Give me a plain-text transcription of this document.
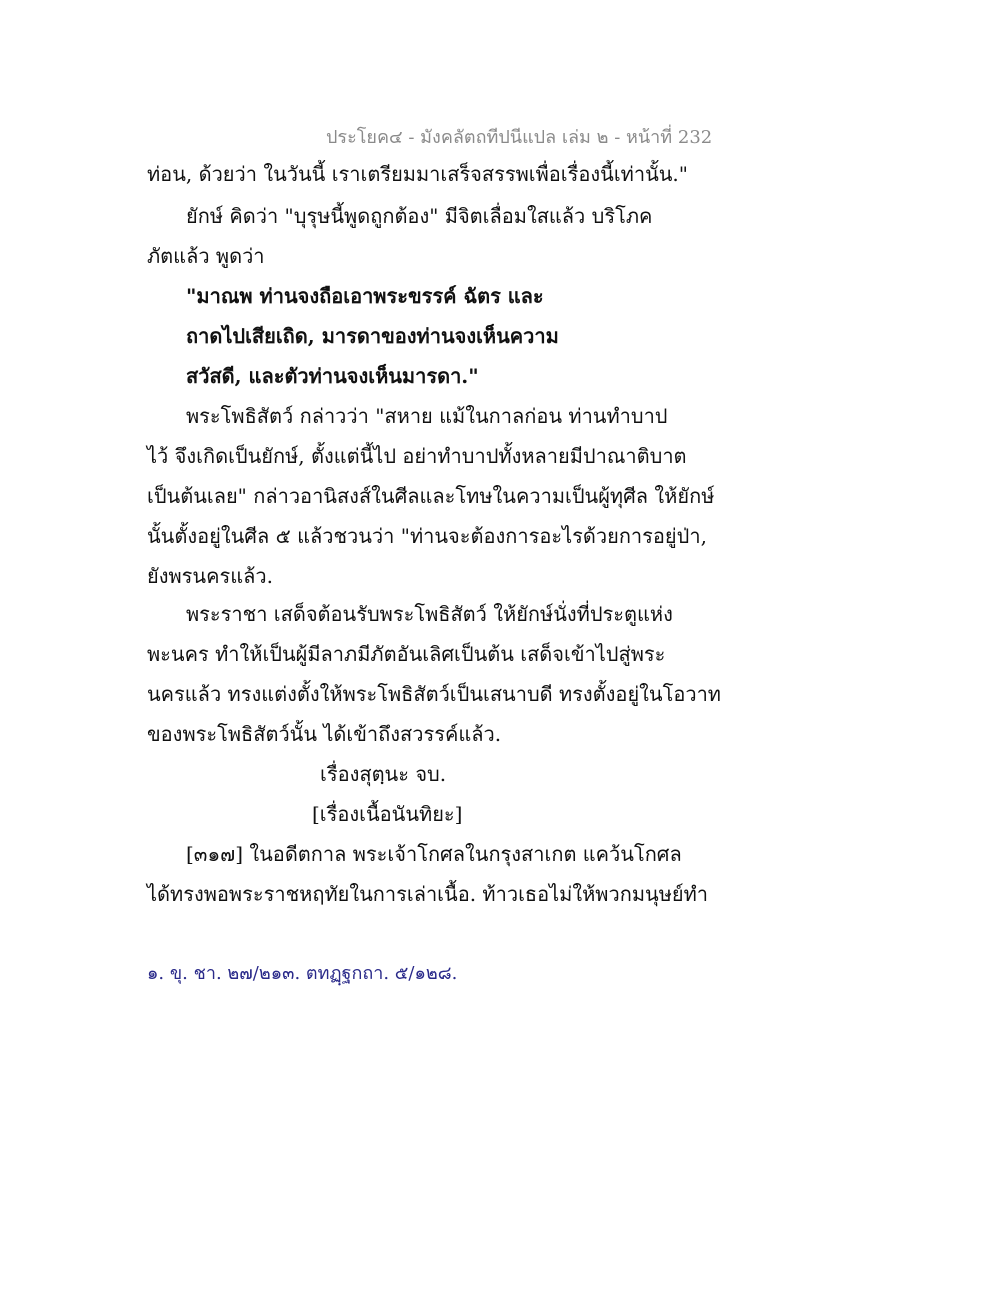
ประโยค๔ - มังคลัตถทีปนีแปล เล่ม ๒ - หน้าที่ 232
ท่อน, ด้วยว่า ในวันนี้ เราเตรียมมาเสร็จสรรพเพื่อเรื่องนี้เท่านั้น."
ยักษ์ คิดว่า "บุรุษนี้พูดถูกต้อง" มีจิตเลื่อมใสแล้ว บริโภค
ภัตแล้ว พูดว่า
"มาณพ ท่านจงถือเอาพระขรรค์ ฉัตร และ
ถาดไปเสียเถิด, มารดาของท่านจงเห็นความ
สวัสดี, และตัวท่านจงเห็นมารดา."
พระโพธิสัตว์ กล่าวว่า "สหาย แม้ในกาลก่อน ท่านทำบาป
ไว้ จึงเกิดเป็นยักษ์, ตั้งแต่นี้ไป อย่าทำบาปทั้งหลายมีปาณาติบาต
เป็นต้นเลย" กล่าวอานิสงส์ในศีลและโทษในความเป็นผู้ทุศีล ให้ยักษ์
นั้นตั้งอยู่ในศีล ๕ แล้วชวนว่า "ท่านจะต้องการอะไรด้วยการอยู่ป่า,
ยังพรนครแล้ว.
พระราชา เสด็จต้อนรับพระโพธิสัตว์ ให้ยักษ์นั่งที่ประตูแห่ง
พะนคร ทำให้เป็นผู้มีลาภมีภัตอันเลิศเป็นต้น เสด็จเข้าไปสู่พระ
นครแล้ว ทรงแต่งตั้งให้พระโพธิสัตว์เป็นเสนาบดี ทรงตั้งอยู่ในโอวาท
ของพระโพธิสัตว์นั้น ได้เข้าถึงสวรรค์แล้ว.
เรื่องสุตฺนะ จบ.
[เรื่องเนื้อนันทิยะ]
[๓๑๗] ในอดีตกาล พระเจ้าโกศลในกรุงสาเกต แคว้นโกศล
ได้ทรงพอพระราชหฤทัยในการเล่าเนื้อ. ท้าวเธอไม่ให้พวกมนุษย์ทำ
๑. ขุ. ชา. ๒๗/๒๑๓. ตทฏฺฐกถา. ๕/๑๒๘.
